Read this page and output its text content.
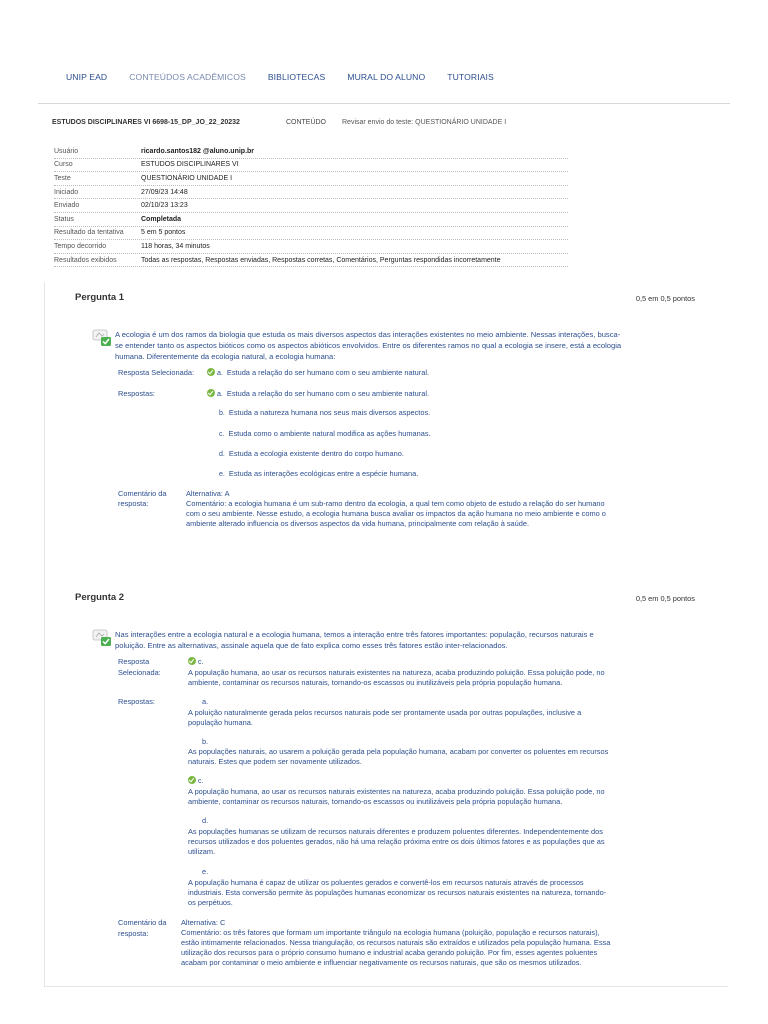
UNIP EAD	CONTEÚDOS ACADÊMICOS	BIBLIOTECAS	MURAL DO ALUNO	TUTORIAIS
ESTUDOS DISCIPLINARES VI 6698-15_DP_JO_22_20232	CONTEÚDO Revisar envio do teste: QUESTIONÁRIO UNIDADE I
Usuário	ricardo.santos182 @aluno.unip.br
Curso	ESTUDOS DISCIPLINARES VI
Teste	QUESTIONÁRIO UNIDADE I
Iniciado	27/09/23 14:48
Enviado	02/10/23 13:23
Status	Completada
Resultado da tentativa	5 em 5 pontos
Tempo decorrido	118 horas, 34 minutos
Resultados exibidos	Todas as respostas, Respostas enviadas, Respostas corretas, Comentários, Perguntas respondidas incorretamente
Pergunta 1	0,5 em 0,5 pontos
A ecologia é um dos ramos da biologia que estuda os mais diversos aspectos das interações existentes no meio ambiente. Nessas interações, busca-
se entender tanto os aspectos bióticos como os aspectos abióticos envolvidos. Entre os diferentes ramos no qual a ecologia se insere, está a ecologia
humana. Diferentemente da ecologia natural, a ecologia humana:
Resposta Selecionada:	a. Estuda a relação do ser humano com o seu ambiente natural.
Respostas:	a. Estuda a relação do ser humano com o seu ambiente natural.
b. Estuda a natureza humana nos seus mais diversos aspectos.
c. Estuda como o ambiente natural modifica as ações humanas.
d. Estuda a ecologia existente dentro do corpo humano.
e. Estuda as interações ecológicas entre a espécie humana.
Comentário da
resposta:
Alternativa: A
Comentário: a ecologia humana é um sub-ramo dentro da ecologia, a qual tem como objeto de estudo a relação do ser humano
com o seu ambiente. Nesse estudo, a ecologia humana busca avaliar os impactos da ação humana no meio ambiente e como o
ambiente alterado influencia os diversos aspectos da vida humana, principalmente com relação à saúde.
Pergunta 2	0,5 em 0,5 pontos
Nas interações entre a ecologia natural e a ecologia humana, temos a interação entre três fatores importantes: população, recursos naturais e
poluição. Entre as alternativas, assinale aquela que de fato explica como esses três fatores estão inter-relacionados.
Resposta
Selecionada:
c.
A população humana, ao usar os recursos naturais existentes na natureza, acaba produzindo poluição. Essa poluição pode, no
ambiente, contaminar os recursos naturais, tornando-os escassos ou inutilizáveis pela própria população humana.
Respostas:	a.
A poluição naturalmente gerada pelos recursos naturais pode ser prontamente usada por outras populações, inclusive a
população humana.
b.
As populações naturais, ao usarem a poluição gerada pela população humana, acabam por converter os poluentes em recursos
naturais. Estes que podem ser novamente utilizados.
c.
A população humana, ao usar os recursos naturais existentes na natureza, acaba produzindo poluição. Essa poluição pode, no
ambiente, contaminar os recursos naturais, tornando-os escassos ou inutilizáveis pela própria população humana.
d.
As populações humanas se utilizam de recursos naturais diferentes e produzem poluentes diferentes. Independentemente dos
recursos utilizados e dos poluentes gerados, não há uma relação próxima entre os dois últimos fatores e as populações que as
utilizam.
e.
A população humana é capaz de utilizar os poluentes gerados e convertê-los em recursos naturais através de processos
industriais. Esta conversão permite às populações humanas economizar os recursos naturais existentes na natureza, tornando-
os perpétuos.
Comentário da
resposta:
Alternativa: C
Comentário: os três fatores que formam um importante triângulo na ecologia humana (poluição, população e recursos naturais),
estão intimamente relacionados. Nessa triangulação, os recursos naturais são extraídos e utilizados pela população humana. Essa
utilização dos recursos para o próprio consumo humano e industrial acaba gerando poluição. Por fim, esses agentes poluentes
acabam por contaminar o meio ambiente e influenciar negativamente os recursos naturais, que são os mesmos utilizados.
